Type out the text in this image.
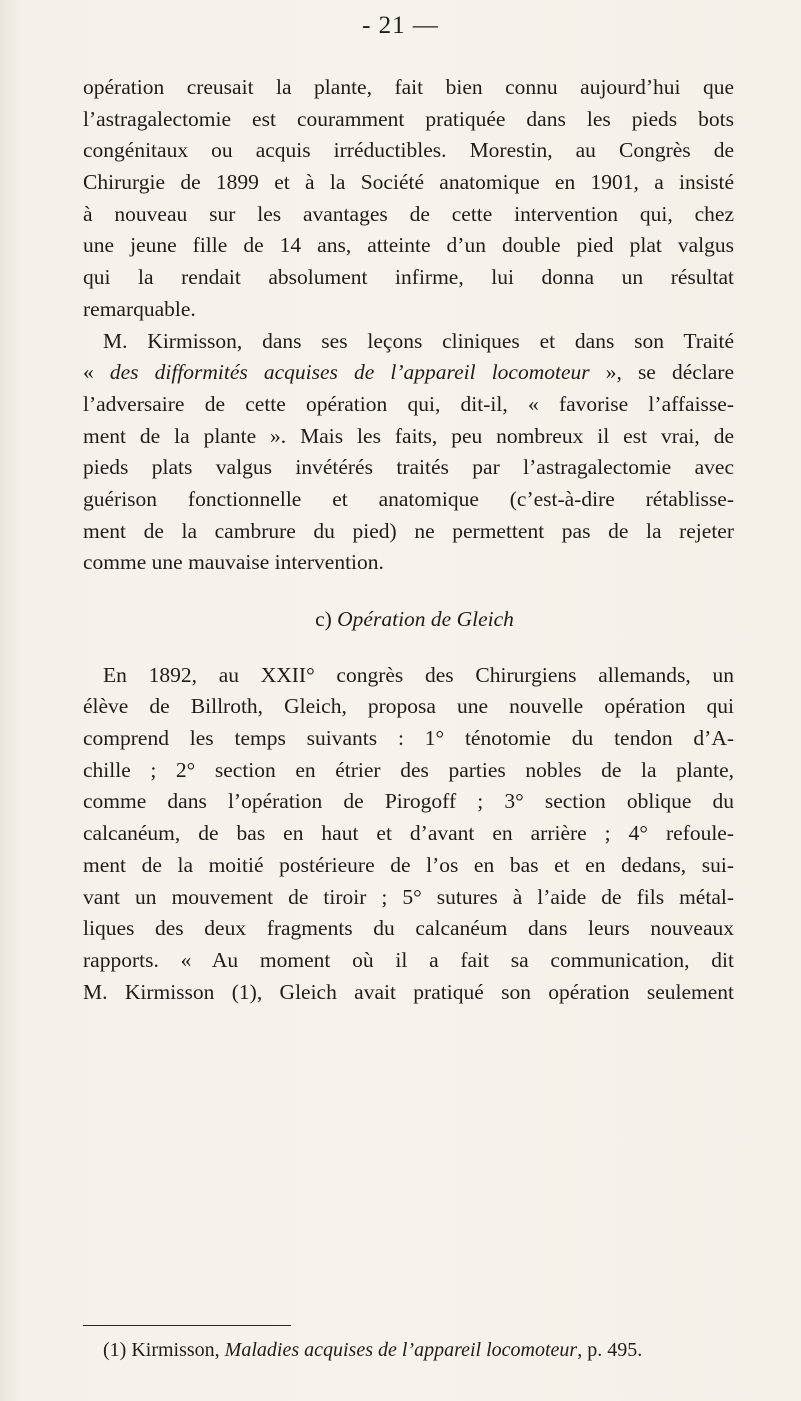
- 21 —
opération creusait la plante, fait bien connu aujourd’hui que
l’astragalectomie est couramment pratiquée dans les pieds bots
congénitaux ou acquis irréductibles. Morestin, au Congrès de
Chirurgie de 1899 et à la Société anatomique en 1901, a insisté
à nouveau sur les avantages de cette intervention qui, chez
une jeune fille de 14 ans, atteinte d’un double pied plat valgus
qui la rendait absolument infirme, lui donna un résultat
remarquable.
M. Kirmisson, dans ses leçons cliniques et dans son Traité
« des difformités acquises de l’appareil locomoteur », se déclare
l’adversaire de cette opération qui, dit-il, « favorise l’affaisse-
ment de la plante ». Mais les faits, peu nombreux il est vrai, de
pieds plats valgus invétérés traités par l’astragalectomie avec
guérison fonctionnelle et anatomique (c’est-à-dire rétablisse-
ment de la cambrure du pied) ne permettent pas de la rejeter
comme une mauvaise intervention.
c) Opération de Gleich
En 1892, au XXII° congrès des Chirurgiens allemands, un
élève de Billroth, Gleich, proposa une nouvelle opération qui
comprend les temps suivants : 1° ténotomie du tendon d’A-
chille ; 2° section en étrier des parties nobles de la plante,
comme dans l’opération de Pirogoff ; 3° section oblique du
calcanéum, de bas en haut et d’avant en arrière ; 4° refoule-
ment de la moitié postérieure de l’os en bas et en dedans, sui-
vant un mouvement de tiroir ; 5° sutures à l’aide de fils métal-
liques des deux fragments du calcanéum dans leurs nouveaux
rapports. « Au moment où il a fait sa communication, dit
M. Kirmisson (1), Gleich avait pratiqué son opération seulement
(1) Kirmisson, Maladies acquises de l’appareil locomoteur, p. 495.
